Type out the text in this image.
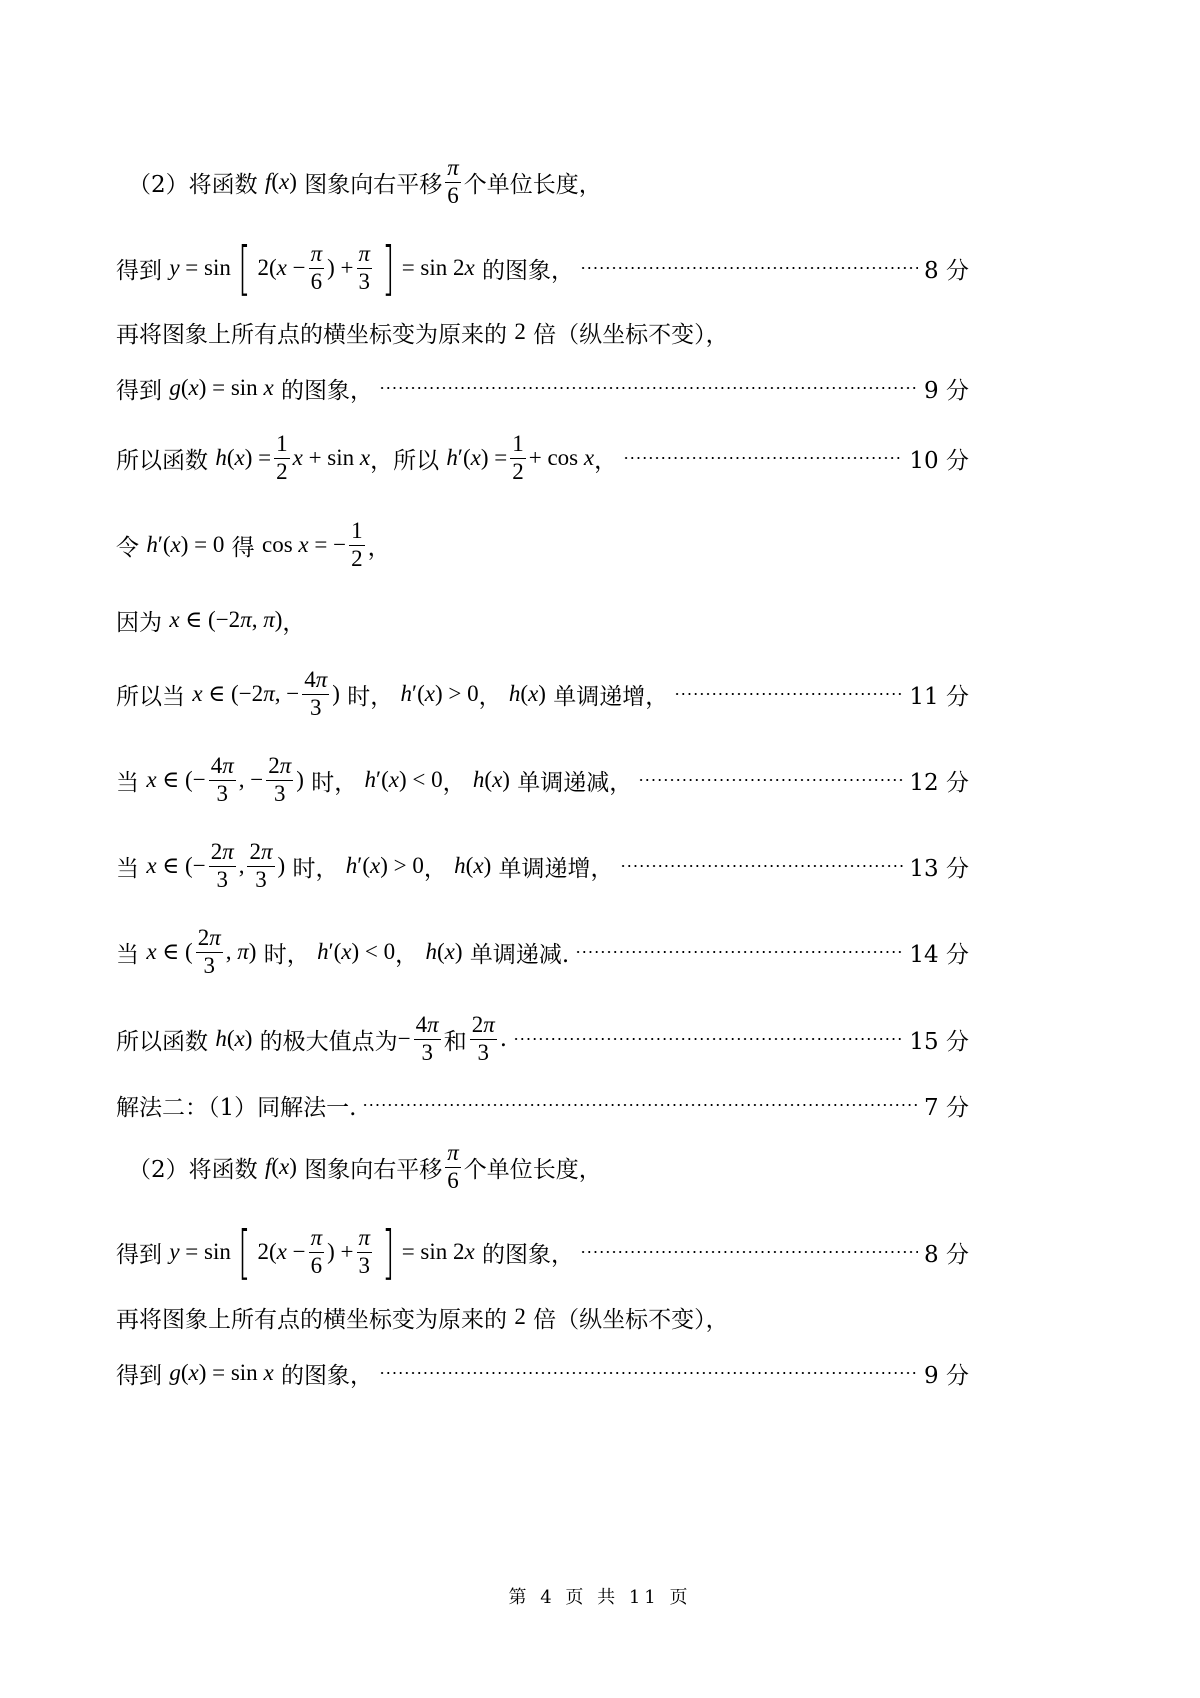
（2）将函数 f ( x ) 图象向右平移 $\frac{\pi}{6}$ 个单位长度，
得到 y = sin [ 2( $x - \frac{\pi}{6}$ ) + $\frac{\pi}{3}$ ] = sin 2 x 的图象，	8 分
再将图象上所有点的横坐标变为原来的 2 倍（纵坐标不变），
得到 g ( x ) = sin x 的图象，	9 分
所以函数 h ( x ) = $\frac{1}{2}$ x + sin x ，所以 h ′( x ) = $\frac{1}{2} + \cos x$ ，	10 分
令 h ′( x ) = 0 得 cos x = − $\frac{1}{2}$ ，
因为 x ∈ (−2 π , π ) ，
所以当 x ∈ (−2 π , − $\frac{4\pi}{3}$ ) 时， h ′( x ) > 0 ， h ( x ) 单调递增，	11 分
当 x ∈ (− $\frac{4\pi}{3}$ , − $\frac{2\pi}{3}$ ) 时， h ′( x ) < 0 ， h ( x ) 单调递减，	12 分
当 x ∈ (− $\frac{2\pi}{3}$ , $\frac{2\pi}{3}$ ) 时， h ′( x ) > 0 ， h ( x ) 单调递增，	13 分
当 x ∈ ( $\frac{2\pi}{3}$ , π ) 时， h ′( x ) < 0 ， h ( x ) 单调递减.	14 分
所以函数 h ( x ) 的极大值点为 − $\frac{4\pi}{3}$ 和 $\frac{2\pi}{3}$ .	15 分
解法二：（1）同解法一.	7 分
（2）将函数 f ( x ) 图象向右平移 $\frac{\pi}{6}$ 个单位长度，
得到 y = sin [ 2( $x - \frac{\pi}{6}$ ) + $\frac{\pi}{3}$ ] = sin 2 x 的图象，	8 分
再将图象上所有点的横坐标变为原来的 2 倍（纵坐标不变），
得到 g ( x ) = sin x 的图象，	9 分
第 4 页 共 11 页
